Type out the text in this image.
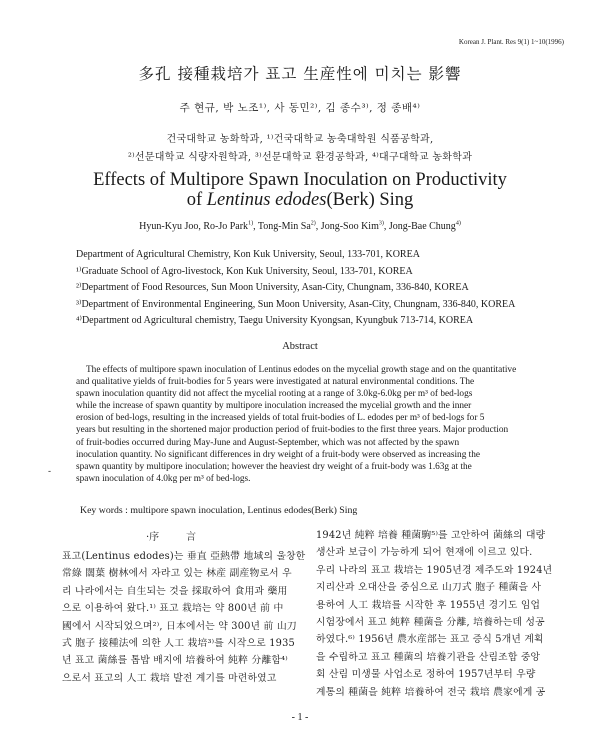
Korean J. Plant. Res 9(1) 1~10(1996)
多孔 接種栽培가 표고 生産性에 미치는 影響
주 현규, 박 노조¹⁾, 사 동민²⁾, 김 종수³⁾, 정 종배⁴⁾
건국대학교 농화학과, ¹⁾건국대학교 농축대학원 식품공학과,
²⁾선문대학교 식량자원학과, ³⁾선문대학교 환경공학과, ⁴⁾대구대학교 농화학과
Effects of Multipore Spawn Inoculation on Productivity
of Lentinus edodes(Berk) Sing
Hyun-Kyu Joo, Ro-Jo Park$^{1)}$, Tong-Min Sa$^{2)}$, Jong-Soo Kim$^{3)}$, Jong-Bae Chung$^{4)}$
Department of Agricultural Chemistry, Kon Kuk University, Seoul, 133-701, KOREA
¹⁾Graduate School of Agro-livestock, Kon Kuk University, Seoul, 133-701, KOREA
²⁾Department of Food Resources, Sun Moon University, Asan-City, Chungnam, 336-840, KOREA
³⁾Department of Environmental Engineering, Sun Moon University, Asan-City, Chungnam, 336-840, KOREA
⁴⁾Department od Agricultural chemistry, Taegu University Kyongsan, Kyungbuk 713-714, KOREA
Abstract
The effects of multipore spawn inoculation of Lentinus edodes on the mycelial growth stage and on the quantitative
and qualitative yields of fruit-bodies for 5 years were investigated at natural environmental conditions. The
spawn inoculation quantity did not affect the mycelial rooting at a range of 3.0kg-6.0kg per m³ of bed-logs
while the increase of spawn quantity by multipore inoculation increased the mycelial growth and the inner
erosion of bed-logs, resulting in the increased yields of total fruit-bodies of L. edodes per m³ of bed-logs for 5
years but resulting in the shortened major production period of fruit-bodies to the first three years. Major production
of fruit-bodies occurred during May-June and August-September, which was not affected by the spawn
inoculation quantity. No significant differences in dry weight of a fruit-body were observed as increasing the
spawn quantity by multipore inoculation; however the heaviest dry weight of a fruit-body was 1.63g at the
spawn inoculation of 4.0kg per m³ of bed-logs.
-
Key words : multipore spawn inoculation, Lentinus edodes(Berk) Sing
·序	言
표고(Lentinus edodes)는 垂直 亞熱帶 地域의 울창한
常綠 闊葉 樹林에서 자라고 있는 林産 副産物로서 우
리 나라에서는 自生되는 것을 採取하여 食用과 藥用
으로 이용하여 왔다.¹⁾ 표고 栽培는 약 800년 前 中
國에서 시작되었으며²⁾, 日本에서는 약 300년 前 山刀
式 胞子 接種法에 의한 人工 栽培³⁾를 시작으로 1935
년 표고 菌絲를 톱밥 배지에 培養하여 純粹 分離함⁴⁾
으로서 표고의 人工 栽培 발전 계기를 마련하였고
1942년 純粹 培養 種菌駒⁵⁾를 고안하여 菌絲의 대량
생산과 보급이 가능하게 되어 현재에 이르고 있다.
우리 나라의 표고 栽培는 1905년경 제주도와 1924년
지리산과 오대산을 중심으로 山刀式 胞子 種菌을 사
용하여 人工 栽培를 시작한 후 1955년 경기도 임업
시험장에서 표고 純粹 種菌을 分離, 培養하는데 성공
하였다.⁶⁾ 1956년 農水産部는 표고 증식 5개년 계획
을 수립하고 표고 種菌의 培養기관을 산림조합 중앙
회 산림 미생물 사업소로 정하여 1957년부터 우량
계통의 種菌을 純粹 培養하여 전국 栽培 農家에게 공
- 1 -
